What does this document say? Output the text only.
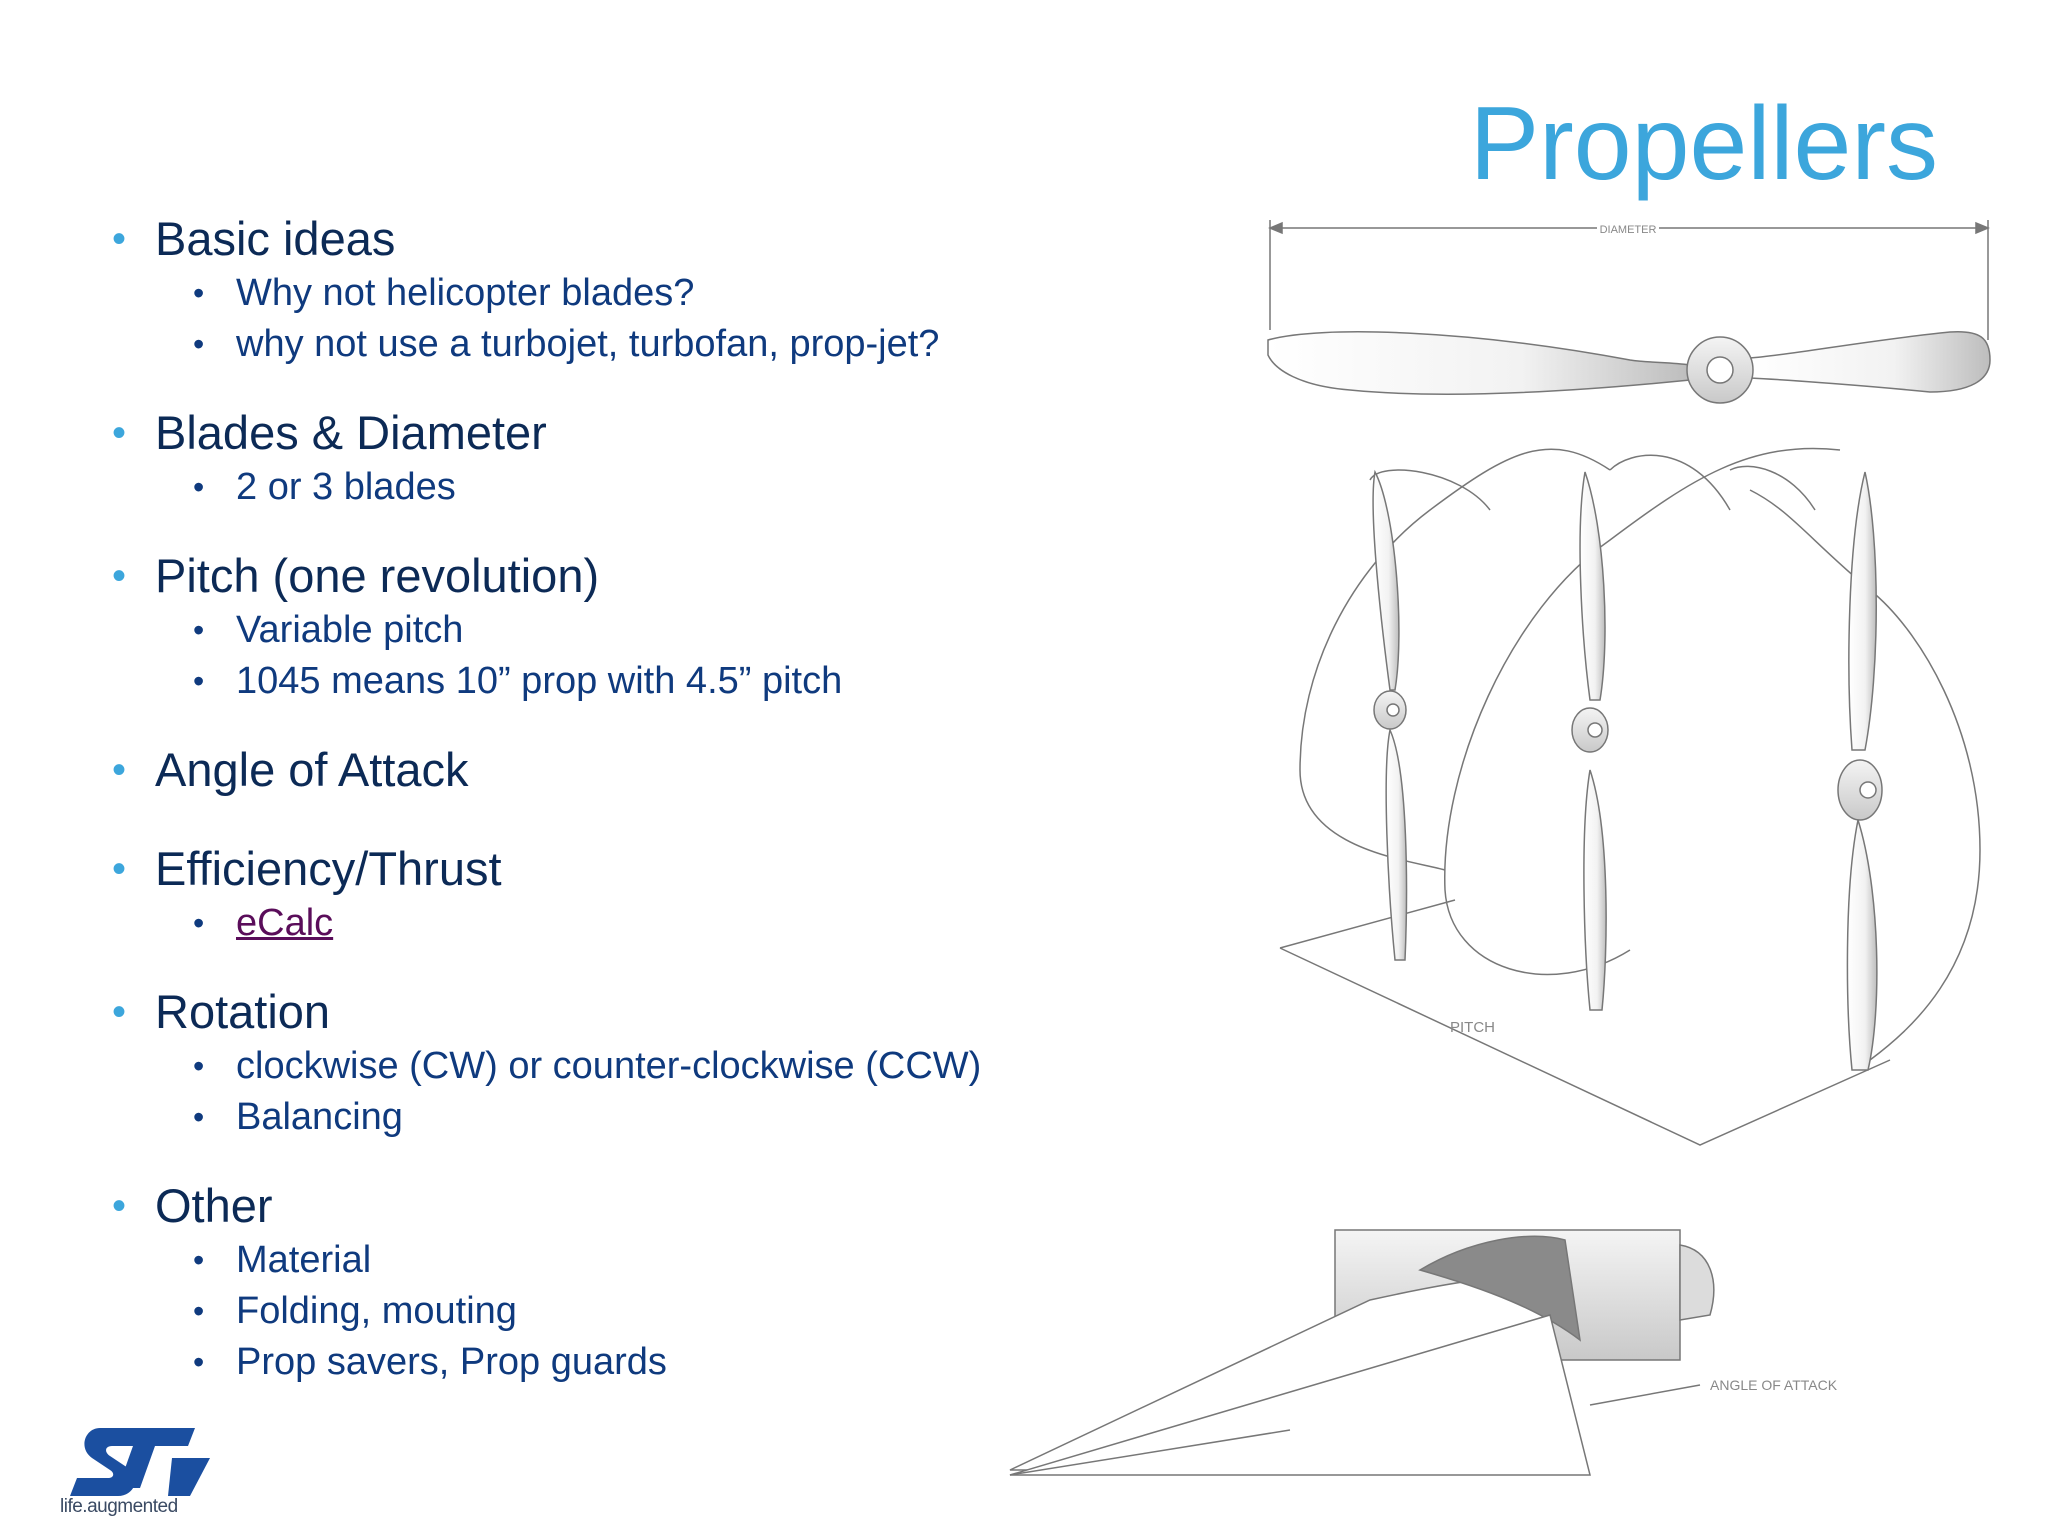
Propellers
• Basic ideas
• Why not helicopter blades?
• why not use a turbojet, turbofan, prop-jet?
• Blades & Diameter
• 2 or 3 blades
• Pitch (one revolution)
• Variable pitch
• 1045 means 10” prop with 4.5” pitch
• Angle of Attack
• Efficiency/Thrust
• eCalc
• Rotation
• clockwise (CW) or counter-clockwise (CCW)
• Balancing
• Other
• Material
• Folding, mouting
• Prop savers, Prop guards
DIAMETER
PITCH
ANGLE OF ATTACK
life.augmented
